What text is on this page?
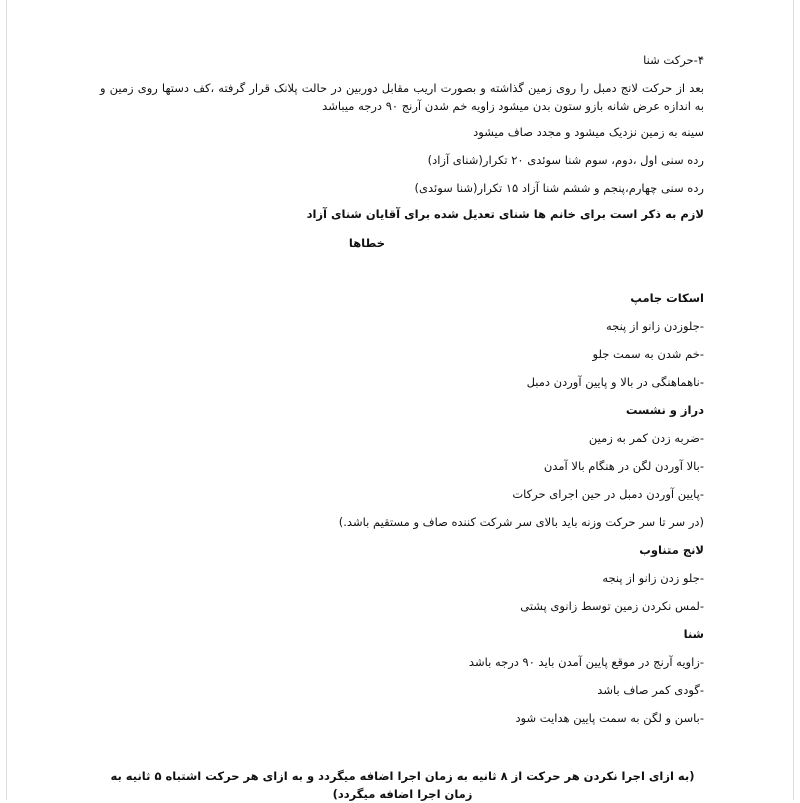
۴-حرکت شنا
بعد از حرکت لانج دمبل را روی زمین گذاشته و بصورت اریب مقابل دوربین در حالت پلانک قرار گرفته ،کف دستها روی زمین و به اندازه عرض شانه بازو ستون بدن میشود زاویه خم شدن آرنج ۹۰ درجه میباشد
سینه به زمین نزدیک میشود و مجدد صاف میشود
رده سنی اول ،دوم، سوم شنا سوئدی ۲۰ تکرار(شنای آزاد)
رده سنی چهارم،پنجم و ششم شنا آزاد ۱۵ تکرار(شنا سوئدی)
لازم به ذکر است برای خانم ها شنای تعدیل شده برای آقایان شنای آزاد
خطاها
اسکات جامپ
-جلوزدن زانو از پنجه
-خم شدن به سمت جلو
-ناهماهنگی در بالا و پایین آوردن دمبل
دراز و نشست
-ضربه زدن کمر به زمین
-بالا آوردن لگن در هنگام بالا آمدن
-پایین آوردن دمبل در حین اجرای حرکات
(در سر تا سر حرکت وزنه باید بالای سر شرکت کننده صاف و مستقیم باشد.)
لانج متناوب
-جلو زدن زانو از پنجه
-لمس نکردن زمین توسط زانوی پشتی
شنا
-زاویه آرنج در موقع پایین آمدن باید ۹۰ درجه باشد
-گودی کمر صاف باشد
-باسن و لگن به سمت پایین هدایت شود
(به ازای اجرا نکردن هر حرکت از ۸ ثانیه به زمان اجرا اضافه میگردد و به ازای هر حرکت اشتباه ۵ ثانیه به زمان اجرا اضافه میگردد)
